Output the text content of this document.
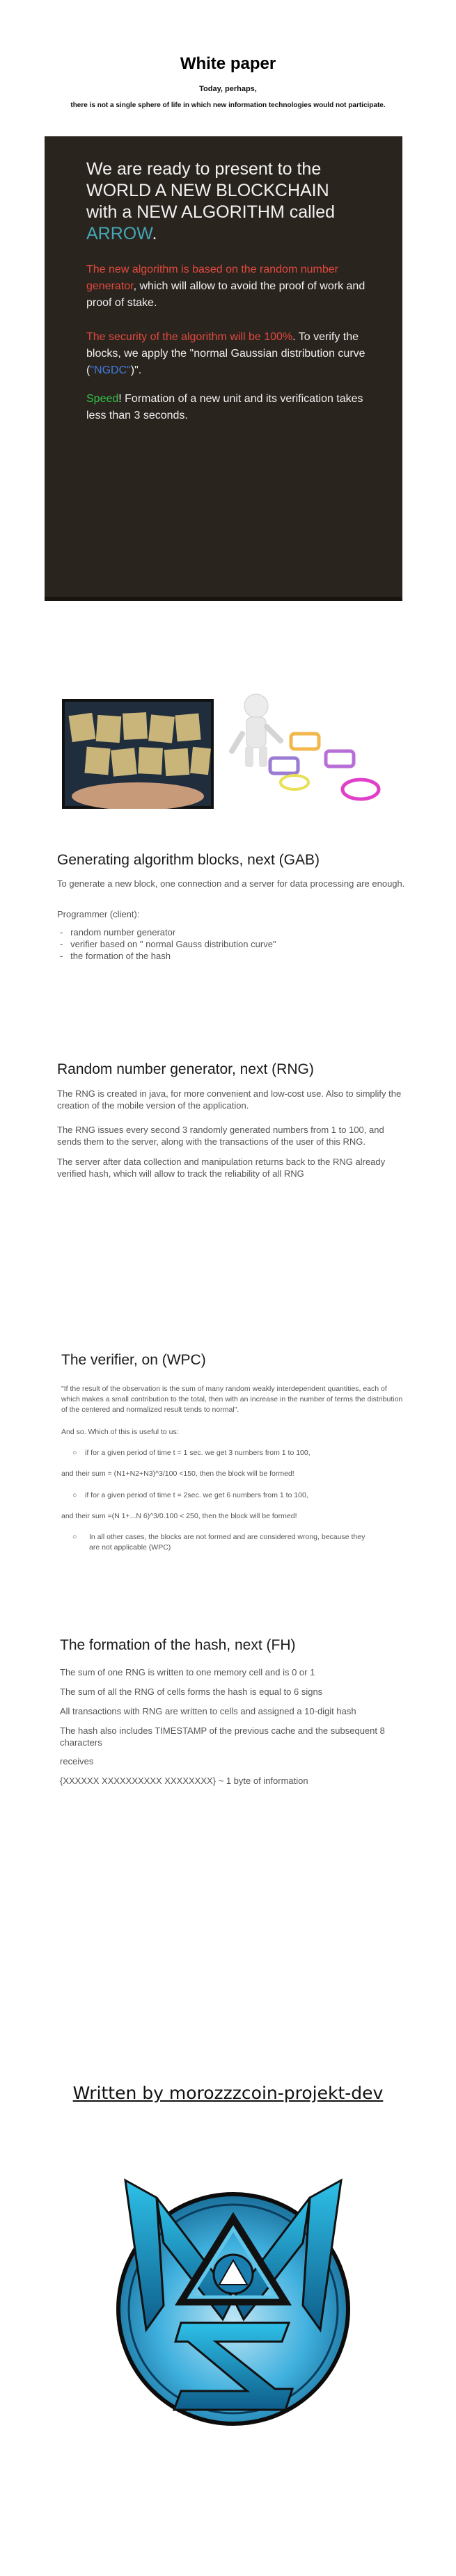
White paper
Today, perhaps,
there is not a single sphere of life in which new information technologies would not participate.
We are ready to present to the
WORLD A NEW BLOCKCHAIN
with a NEW ALGORITHM called
ARROW.
The new algorithm is based on the random number generator, which will allow to avoid the proof of work and proof of stake.
The security of the algorithm will be 100%. To verify the blocks, we apply the "normal Gaussian distribution curve ("NGDC")".
Speed! Formation of a new unit and its verification takes less than 3 seconds.
Generating algorithm blocks, next (GAB)
To generate a new block, one connection and a server for data processing are enough.
Programmer (client):
-   random number generator
-   verifier based on " normal Gauss distribution curve"
-   the formation of the hash
Random number generator, next (RNG)
The RNG is created in java, for more convenient and low-cost use. Also to simplify the creation of the mobile version of the application.
The RNG issues every second 3 randomly generated numbers from 1 to 100, and sends them to the server, along with the transactions of the user of this RNG.
The server after data collection and manipulation returns back to the RNG already verified hash, which will allow to track the reliability of all RNG
The verifier, on (WPC)
"If the result of the observation is the sum of many random weakly interdependent quantities, each of which makes a small contribution to the total, then with an increase in the number of terms the distribution of the centered and normalized result tends to normal".
And so. Which of this is useful to us:
○    if for a given period of time t = 1 sec. we get 3 numbers from 1 to 100,
and their sum = (N1+N2+N3)^3/100 <150, then the block will be formed!
○    if for a given period of time t = 2sec. we get 6 numbers from 1 to 100,
and their sum =(N 1+...N 6)^3/0.100 < 250, then the block will be formed!
○	In all other cases, the blocks are not formed and are considered wrong, because they are not applicable (WPC)
The formation of the hash, next (FH)
The sum of one RNG is written to one memory cell and is 0 or 1
The sum of all the RNG of cells forms the hash is equal to 6 signs
All transactions with RNG are written to cells and assigned a 10-digit hash
The hash also includes TIMESTAMP of the previous cache and the subsequent 8 characters
receives
{XXXXXX XXXXXXXXXX XXXXXXXX} ~ 1 byte of information
Written by morozzzcoin-projekt-dev
